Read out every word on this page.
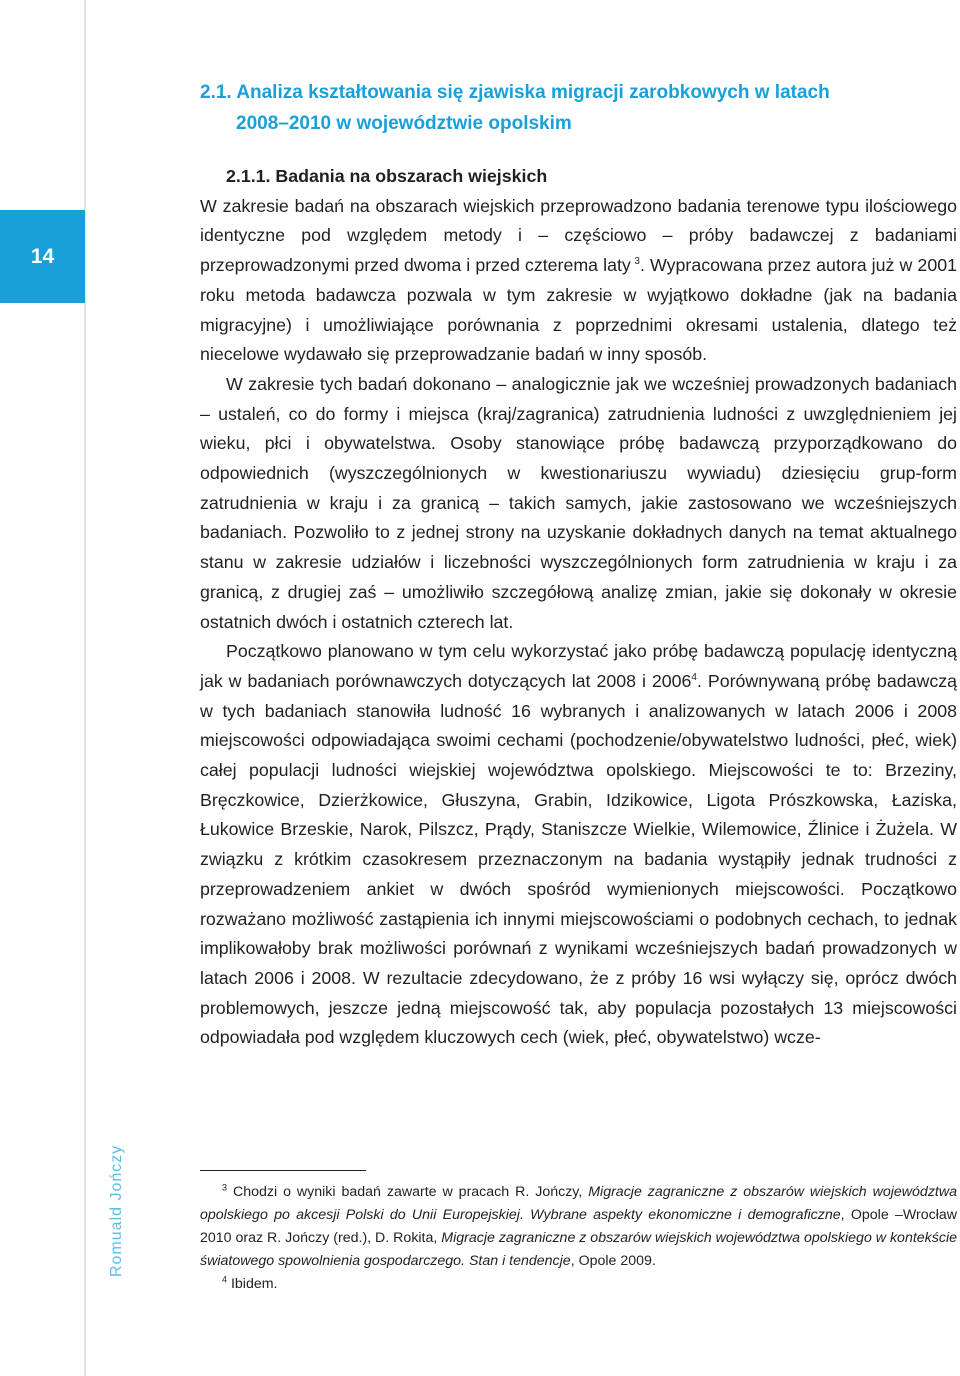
14
Romuald Jończy
2.1. Analiza kształtowania się zjawiska migracji zarobkowych w latach
2008–2010 w województwie opolskim

2.1.1. Badania na obszarach wiejskich

W zakresie badań na obszarach wiejskich przeprowadzono badania terenowe typu ilościowego identyczne pod względem metody i – częściowo – próby badawczej z badaniami przeprowadzonymi przed dwoma i przed czterema laty  $^3$. Wypracowana przez autora już w 2001 roku metoda badawcza pozwala w tym zakresie w wyjątkowo dokładne (jak na badania migracyjne) i umożliwiające porównania z poprzednimi okresami ustalenia, dlatego też niecelowe wydawało się przeprowadzanie badań w inny sposób.

W zakresie tych badań dokonano – analogicznie jak we wcześniej prowadzonych badaniach – ustaleń, co do formy i miejsca (kraj/zagranica) zatrudnienia ludności z uwzględnieniem jej wieku, płci i obywatelstwa. Osoby stanowiące próbę badawczą przyporządkowano do odpowiednich (wyszczególnionych w kwestionariuszu wywiadu) dziesięciu grup-form zatrudnienia w kraju i za granicą – takich samych, jakie zastosowano we wcześniejszych badaniach. Pozwoliło to z jednej strony na uzyskanie dokładnych danych na temat aktualnego stanu w zakresie udziałów i liczebności wyszczególnionych form zatrudnienia w kraju i za granicą, z drugiej zaś – umożliwiło szczegółową analizę zmian, jakie się dokonały w okresie ostatnich dwóch i ostatnich czterech lat.

Początkowo planowano w tym celu wykorzystać jako próbę badawczą populację identyczną jak w badaniach porównawczych dotyczących lat 2008 i 2006$^4$. Porównywaną próbę badawczą w tych badaniach stanowiła ludność 16 wybranych i analizowanych w latach 2006 i 2008 miejscowości odpowiadająca swoimi cechami (pochodzenie/obywatelstwo ludności, płeć, wiek) całej populacji ludności wiejskiej województwa opolskiego. Miejscowości te to: Brzeziny, Bręczkowice, Dzierżkowice, Głuszyna, Grabin, Idzikowice, Ligota Prószkowska, Łaziska, Łukowice Brzeskie, Narok, Pilszcz, Prądy, Staniszcze Wielkie, Wilemowice, Źlinice i Żużela. W związku z krótkim czasokresem przeznaczonym na badania wystąpiły jednak trudności z przeprowadzeniem ankiet w dwóch spośród wymienionych miejscowości. Początkowo rozważano możliwość zastąpienia ich innymi miejscowościami o podobnych cechach, to jednak implikowałoby brak możliwości porównań z wynikami wcześniejszych badań prowadzonych w latach 2006 i 2008. W rezultacie zdecydowano, że z próby 16 wsi wyłączy się, oprócz dwóch problemowych, jeszcze jedną miejscowość tak, aby populacja pozostałych 13 miejscowości odpowiadała pod względem kluczowych cech (wiek, płeć, obywatelstwo) wcze-

$^3$ Chodzi o wyniki badań zawarte w pracach R. Jończy, Migracje zagraniczne z obszarów wiejskich województwa opolskiego po akcesji Polski do Unii Europejskiej. Wybrane aspekty ekonomiczne i demograficzne, Opole –Wrocław 2010 oraz R. Jończy (red.), D. Rokita, Migracje zagraniczne z obszarów wiejskich województwa opolskiego w kontekście światowego spowolnienia gospodarczego. Stan i tendencje, Opole 2009.

$^4$ Ibidem.
